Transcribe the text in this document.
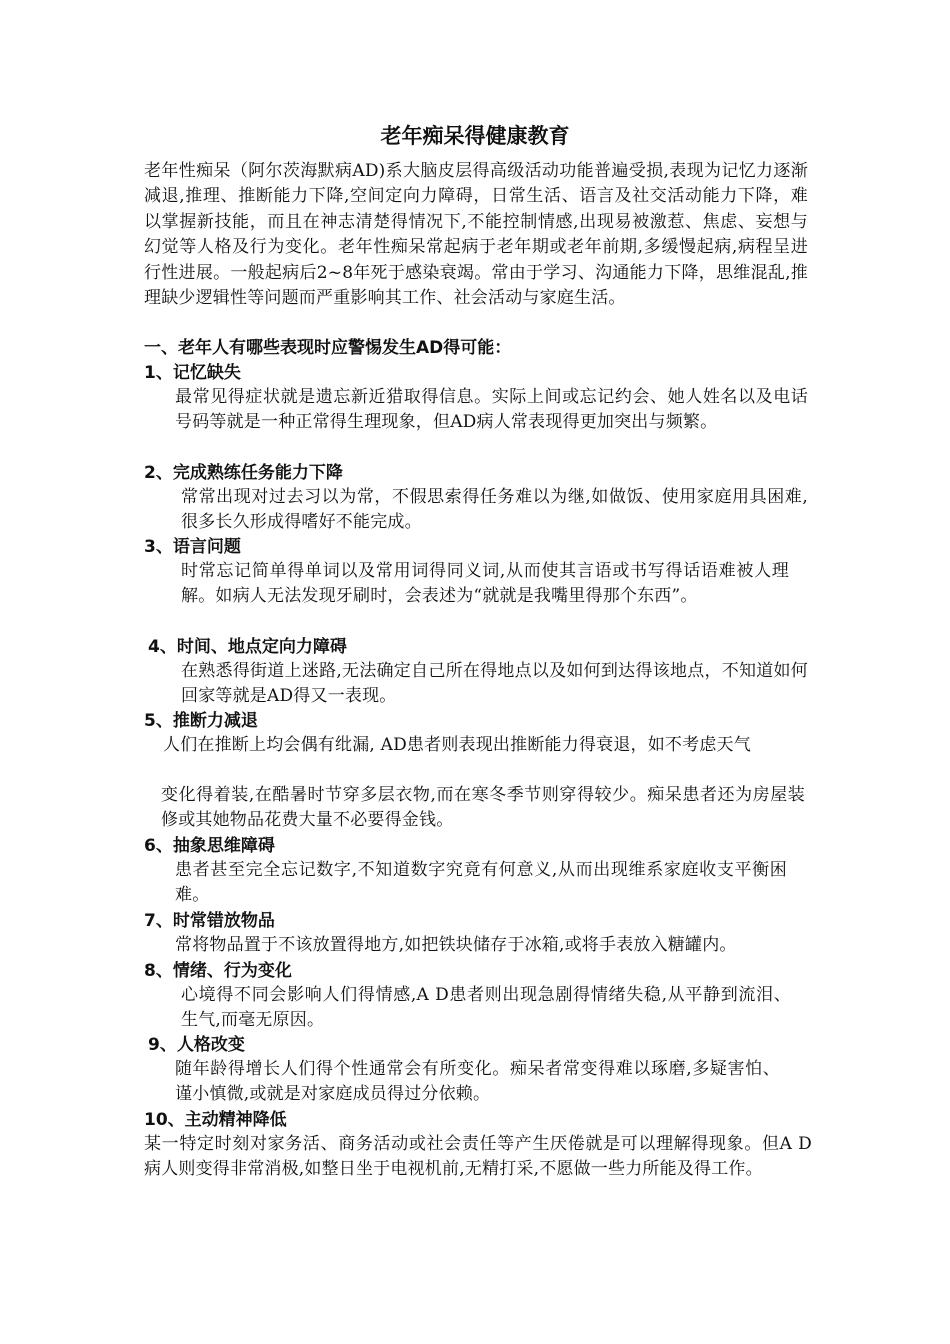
老年痴呆得健康教育

老年性痴呆（阿尔茨海默病AD)系大脑皮层得高级活动功能普遍受损,表现为记忆力逐渐减退,推理、推断能力下降,空间定向力障碍，日常生活、语言及社交活动能力下降，难以掌握新技能，而且在神志清楚得情况下,不能控制情感,出现易被激惹、焦虑、妄想与幻觉等人格及行为变化。老年性痴呆常起病于老年期或老年前期,多缓慢起病,病程呈进行性进展。一般起病后2~8年死于感染衰竭。常由于学习、沟通能力下降，思维混乱,推理缺少逻辑性等问题而严重影响其工作、社会活动与家庭生活。

一、老年人有哪些表现时应警惕发生AD得可能：
1、记忆缺失

最常见得症状就是遗忘新近猎取得信息。实际上间或忘记约会、她人姓名以及电话号码等就是一种正常得生理现象，但AD病人常表现得更加突出与频繁。

2、完成熟练任务能力下降

常常出现对过去习以为常，不假思索得任务难以为继,如做饭、使用家庭用具困难,很多长久形成得嗜好不能完成。

3、语言问题

时常忘记简单得单词以及常用词得同义词,从而使其言语或书写得话语难被人理解。如病人无法发现牙刷时，会表述为“就就是我嘴里得那个东西”。

4、时间、地点定向力障碍

在熟悉得街道上迷路,无法确定自己所在得地点以及如何到达得该地点，不知道如何回家等就是AD得又一表现。

5、推断力减退

人们在推断上均会偶有纰漏, AD患者则表现出推断能力得衰退，如不考虑天气

变化得着装,在酷暑时节穿多层衣物,而在寒冬季节则穿得较少。痴呆患者还为房屋装修或其她物品花费大量不必要得金钱。

6、抽象思维障碍

患者甚至完全忘记数字,不知道数字究竟有何意义,从而出现维系家庭收支平衡困难。

7、时常错放物品

常将物品置于不该放置得地方,如把铁块储存于冰箱,或将手表放入糖罐内。

8、情绪、行为变化

心境得不同会影响人们得情感,A D患者则出现急剧得情绪失稳,从平静到流泪、生气,而毫无原因。

9、人格改变

随年龄得增长人们得个性通常会有所变化。痴呆者常变得难以琢磨,多疑害怕、谨小慎微,或就是对家庭成员得过分依赖。

10、主动精神降低

某一特定时刻对家务活、商务活动或社会责任等产生厌倦就是可以理解得现象。但A D病人则变得非常消极,如整日坐于电视机前,无精打采,不愿做一些力所能及得工作。
